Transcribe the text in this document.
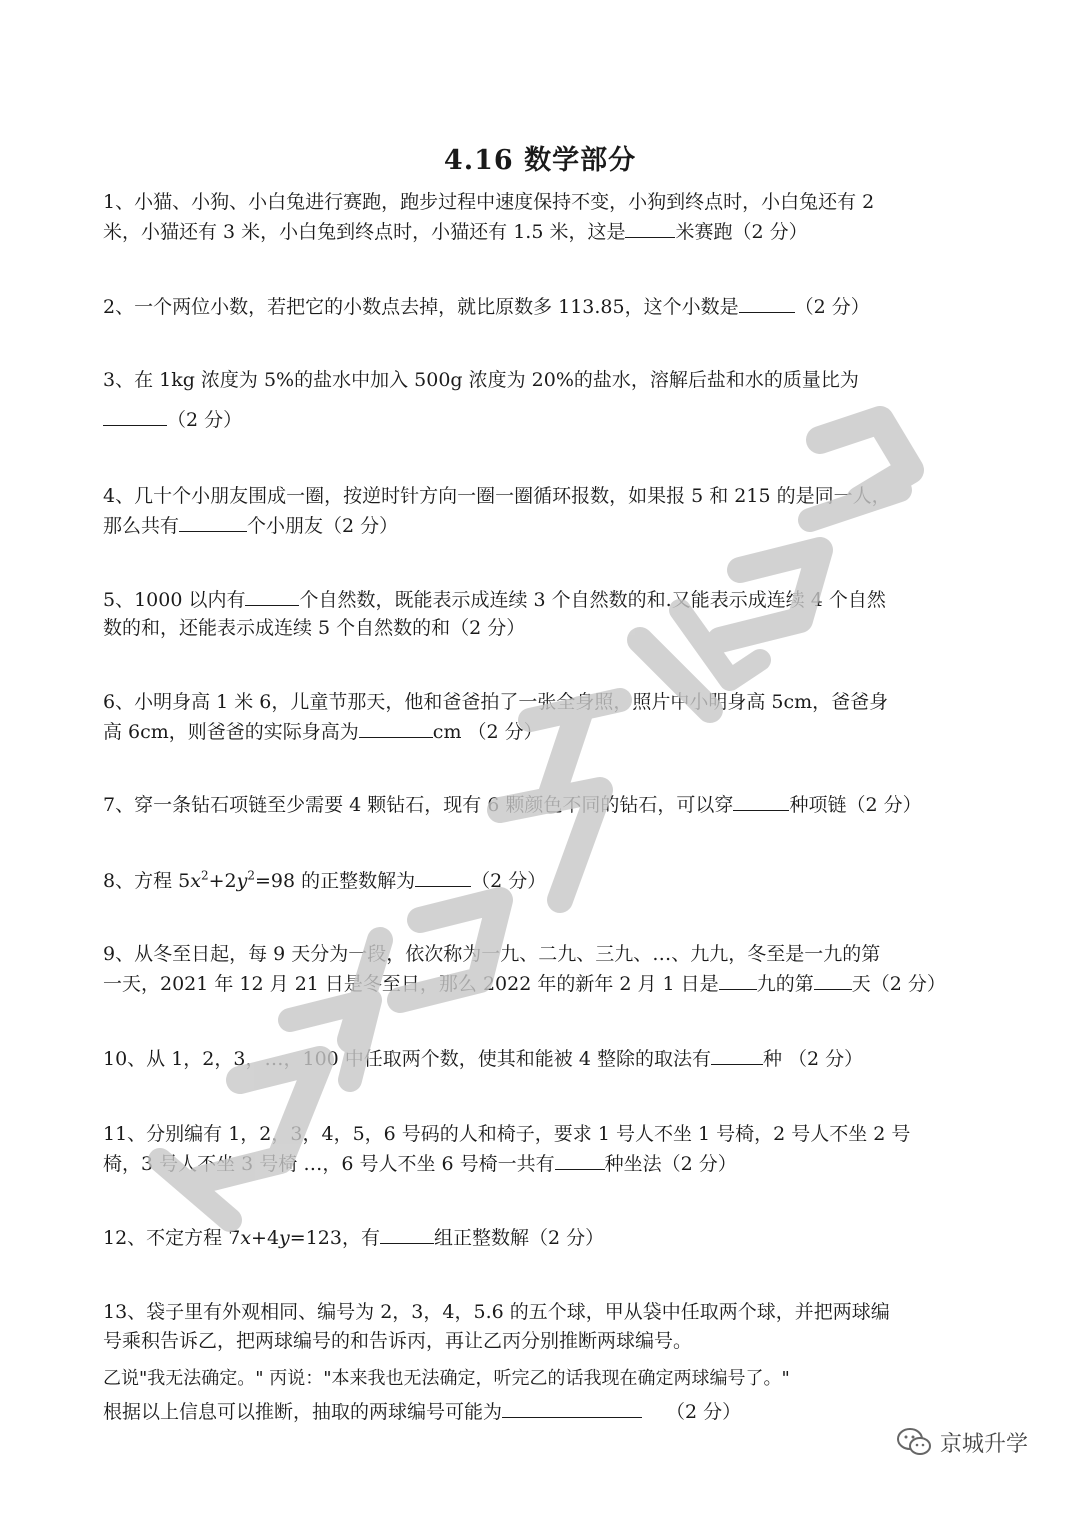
4.16 数学部分
1、小猫、小狗、小白兔进行赛跑，跑步过程中速度保持不变，小狗到终点时，小白兔还有 2
米，小猫还有 3 米，小白兔到终点时，小猫还有 1.5 米，这是	米赛跑（2 分）
2、一个两位小数，若把它的小数点去掉，就比原数多 113.85，这个小数是	（2 分）
3、在 1kg 浓度为 5%的盐水中加入 500g 浓度为 20%的盐水，溶解后盐和水的质量比为
（2 分）
4、几十个小朋友围成一圈，按逆时针方向一圈一圈循环报数，如果报 5 和 215 的是同一人，
那么共有	个小朋友（2 分）
5、1000 以内有	个自然数，既能表示成连续 3 个自然数的和.又能表示成连续 4 个自然
数的和，还能表示成连续 5 个自然数的和（2 分）
6、小明身高 1 米 6，儿童节那天，他和爸爸拍了一张全身照，照片中小明身高 5cm，爸爸身
高 6cm，则爸爸的实际身高为	cm （2 分）
7、穿一条钻石项链至少需要 4 颗钻石，现有 6 颗颜色不同的钻石，可以穿	种项链（2 分）
8、方程 $5x^2+2y^2=98$ 的正整数解为	（2 分）
9、从冬至日起，每 9 天分为一段，依次称为一九、二九、三九、…、九九，冬至是一九的第
一天，2021 年 12 月 21 日是冬至日，那么 2022 年的新年 2 月 1 日是 九的第 天（2 分）
10、从 1，2，3，…，100 中任取两个数，使其和能被 4 整除的取法有	种 （2 分）
11、分别编有 1，2，3，4，5，6 号码的人和椅子，要求 1 号人不坐 1 号椅，2 号人不坐 2 号
椅，3 号人不坐 3 号椅 …，6 号人不坐 6 号椅一共有	种坐法（2 分）
12、不定方程 7x+4y=123，有	组正整数解（2 分）
13、袋子里有外观相同、编号为 2，3，4，5.6 的五个球，甲从袋中任取两个球，并把两球编
号乘积告诉乙，把两球编号的和告诉丙，再让乙丙分别推断两球编号。
乙说"我无法确定。" 丙说："本来我也无法确定，听完乙的话我现在确定两球编号了。"
根据以上信息可以推断，抽取的两球编号可能为	（2 分）
京城升学
